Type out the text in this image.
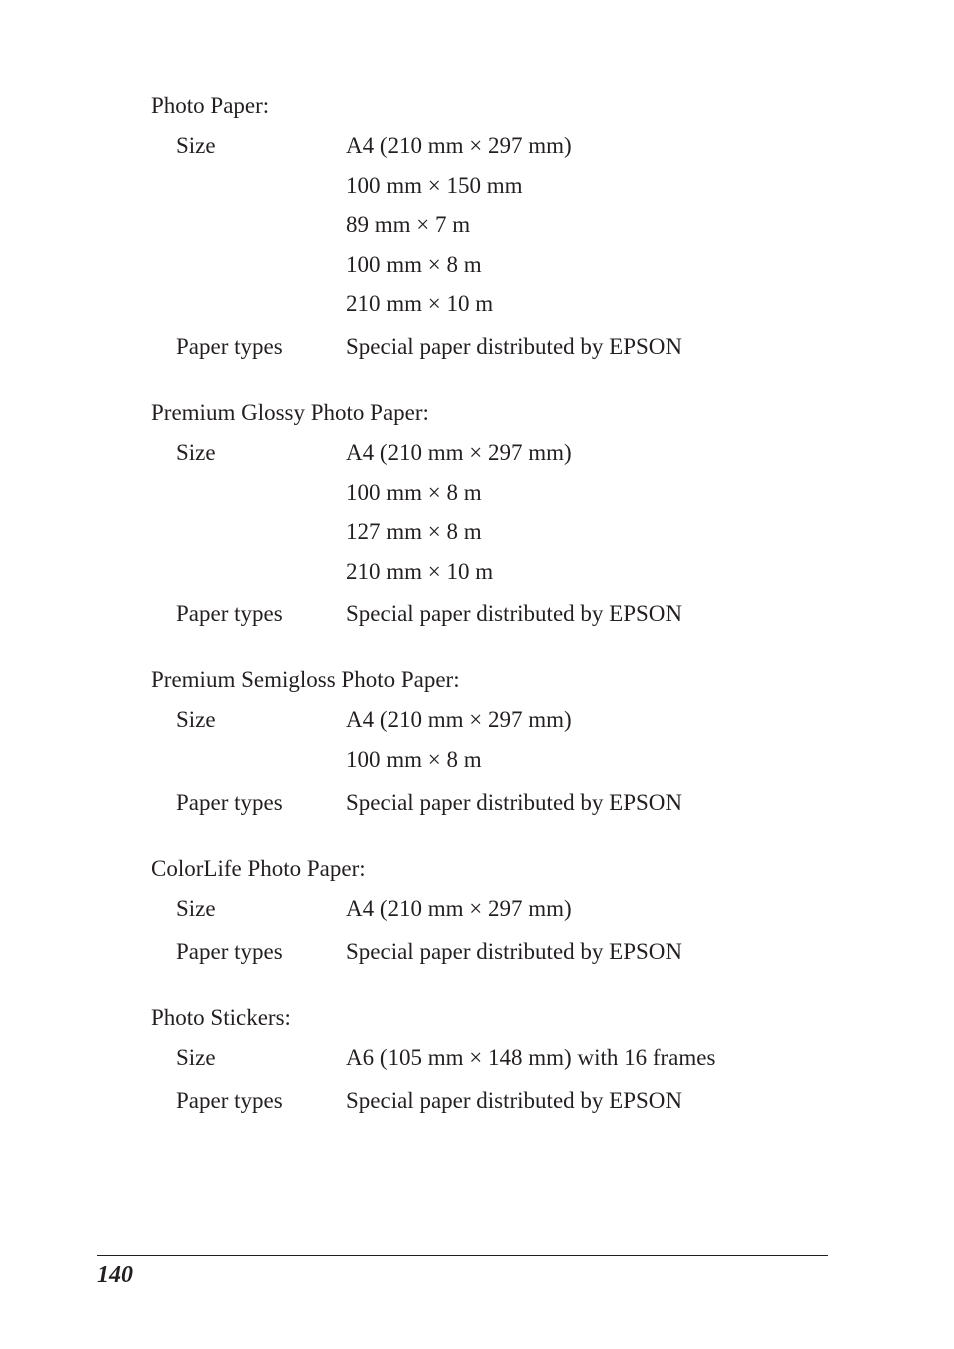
Photo Paper:
Size	A4 (210 mm × 297 mm)
100 mm × 150 mm
89 mm × 7 m
100 mm × 8 m
210 mm × 10 m
Paper types	Special paper distributed by EPSON
Premium Glossy Photo Paper:
Size	A4 (210 mm × 297 mm)
100 mm × 8 m
127 mm × 8 m
210 mm × 10 m
Paper types	Special paper distributed by EPSON
Premium Semigloss Photo Paper:
Size	A4 (210 mm × 297 mm)
100 mm × 8 m
Paper types	Special paper distributed by EPSON
ColorLife Photo Paper:
Size	A4 (210 mm × 297 mm)
Paper types	Special paper distributed by EPSON
Photo Stickers:
Size	A6 (105 mm × 148 mm) with 16 frames
Paper types	Special paper distributed by EPSON
140
